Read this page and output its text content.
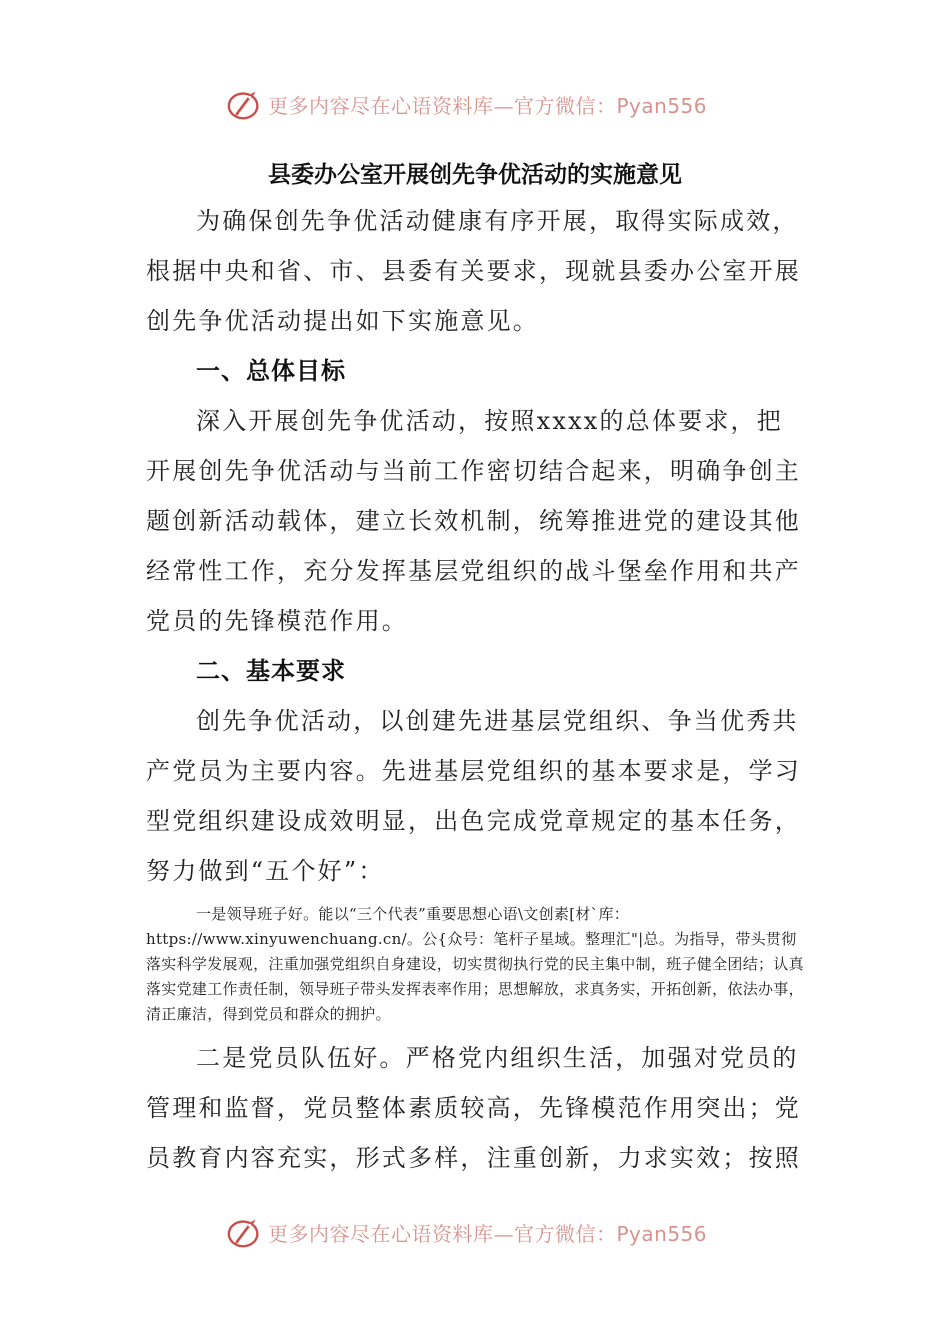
更多内容尽在心语资料库—官方微信：Pyan556
县委办公室开展创先争优活动的实施意见

为确保创先争优活动健康有序开展，取得实际成效，根据中央和省、市、县委有关要求，现就县委办公室开展创先争优活动提出如下实施意见。

一、总体目标

深入开展创先争优活动，按照xxxx的总体要求，把开展创先争优活动与当前工作密切结合起来，明确争创主题创新活动载体，建立长效机制，统筹推进党的建设其他经常性工作，充分发挥基层党组织的战斗堡垒作用和共产党员的先锋模范作用。

二、基本要求

创先争优活动，以创建先进基层党组织、争当优秀共产党员为主要内容。先进基层党组织的基本要求是，学习型党组织建设成效明显，出色完成党章规定的基本任务，努力做到“五个好”：

一是领导班子好。能以“三个代表”重要思想心语\文创素[材`库：https://www.xinyuwenchuang.cn/。公{众号：笔杆子星域。整理汇"|总。为指导，带头贯彻落实科学发展观，注重加强党组织自身建设，切实贯彻执行党的民主集中制，班子健全团结；认真落实党建工作责任制，领导班子带头发挥表率作用；思想解放，求真务实，开拓创新，依法办事，清正廉洁，得到党员和群众的拥护。

二是党员队伍好。严格党内组织生活，加强对党员的管理和监督，党员整体素质较高，先锋模范作用突出；党员教育内容充实，形式多样，注重创新，力求实效；按照

更多内容尽在心语资料库—官方微信：Pyan556
